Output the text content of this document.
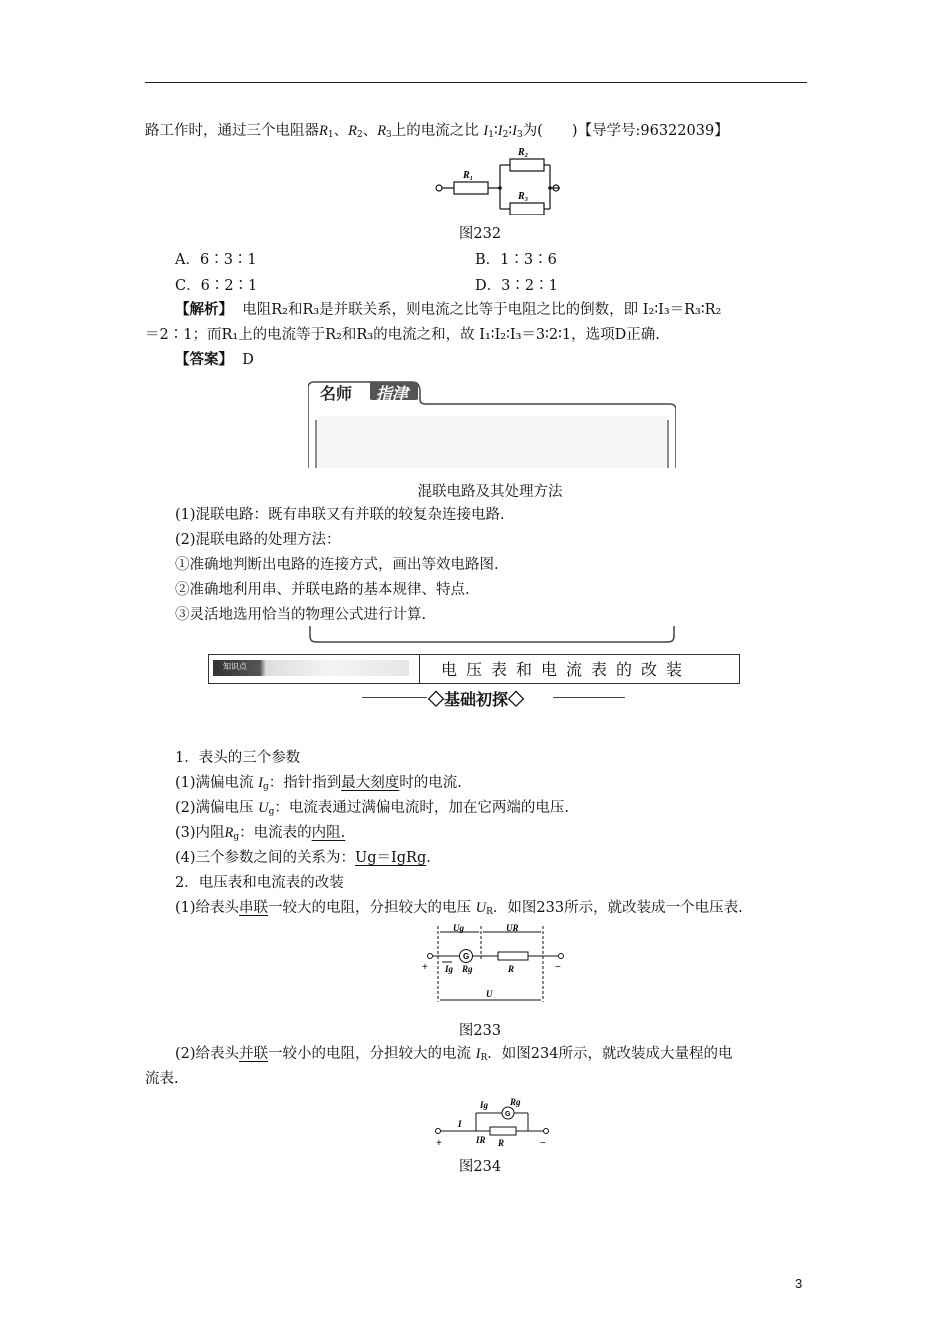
路工作时，通过三个电阻器$R_1$、$R_2$、$R_3$上的电流之比 $I_1∶I_2∶I_3$为(　　)【导学号:96322039】
R₁
R₂
R₃
图232
A．6∶3∶1	B．1∶3∶6
C．6∶2∶1	D．3∶2∶1
【解析】 电阻R₂和R₃是并联关系，则电流之比等于电阻之比的倒数，即 I₂∶I₃＝R₃∶R₂
＝2∶1；而R₁上的电流等于R₂和R₃的电流之和，故 I₁∶I₂∶I₃＝3∶2∶1，选项D正确.
【答案】 D
名师 指津
混联电路及其处理方法
(1)混联电路：既有串联又有并联的较复杂连接电路.
(2)混联电路的处理方法：
①准确地判断出电路的连接方式，画出等效电路图.
②准确地利用串、并联电路的基本规律、特点.
③灵活地选用恰当的物理公式进行计算.
知识点	电压表和电流表的改装
◇基础初探◇
1．表头的三个参数
(1)满偏电流 $I_g$：指针指到最大刻度时的电流.
(2)满偏电压 $U_g$：电流表通过满偏电流时，加在它两端的电压.
(3)内阻$R_g$：电流表的内阻.
(4)三个参数之间的关系为：Ug＝IgRg.
2．电压表和电流表的改装
(1)给表头串联一较大的电阻，分担较大的电压 $U_R$．如图233所示，就改装成一个电压表.
Ug	UR
G
Ig Rg	R
U
+	−
图233
(2)给表头并联一较小的电阻，分担较大的电流 $I_R$．如图234所示，就改装成大量程的电
流表.
I
Ig
G
Rg
IR R
+	−
图234
3
